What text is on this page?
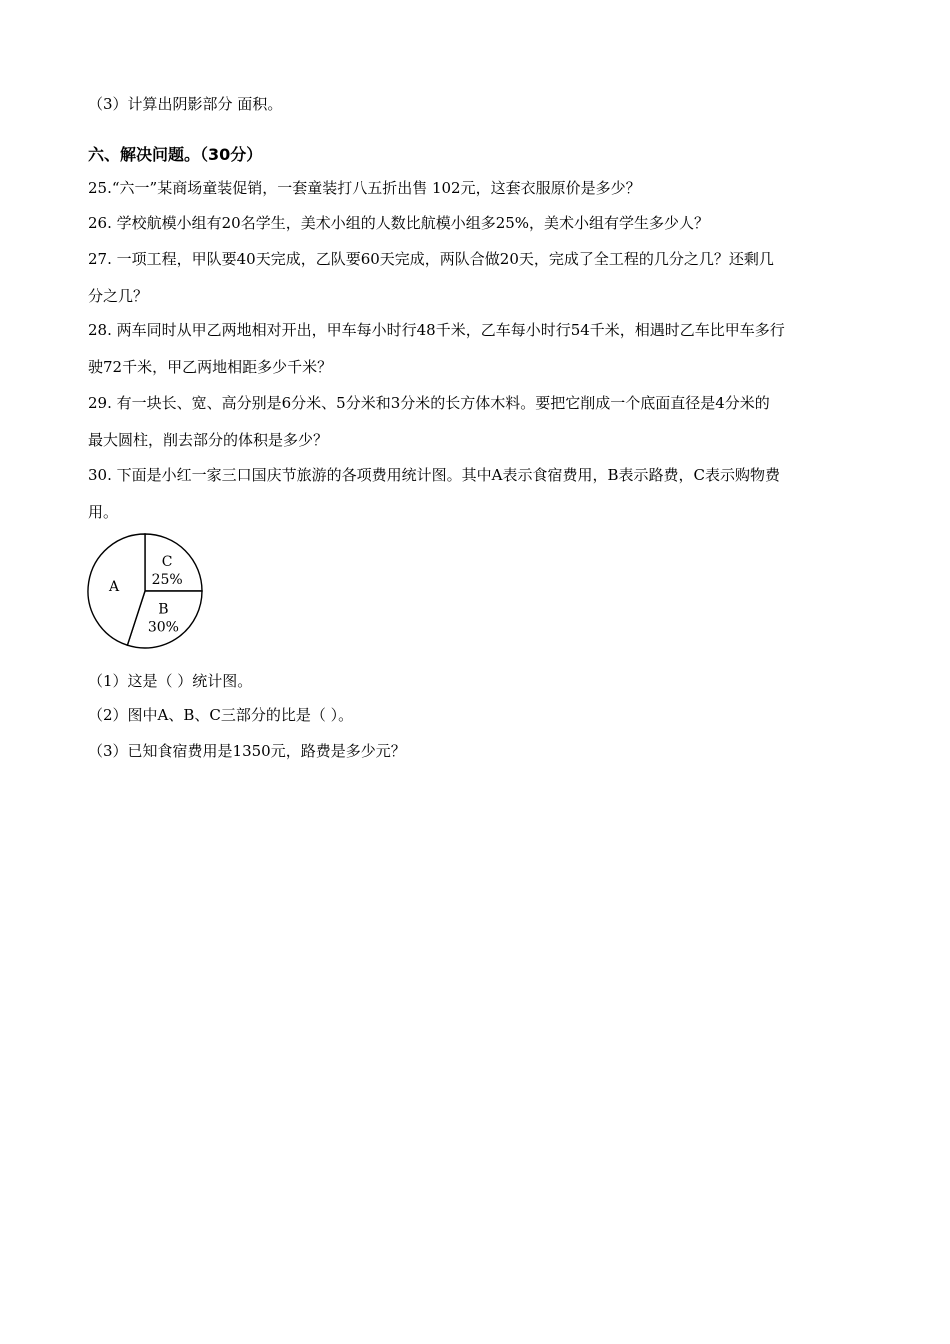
（3）计算出阴影部分 面积。
六、解决问题。（30分）
25.“六一”某商场童装促销，一套童装打八五折出售 102元，这套衣服原价是多少？
26. 学校航模小组有20名学生，美术小组的人数比航模小组多25%，美术小组有学生多少人？
27. 一项工程，甲队要40天完成，乙队要60天完成，两队合做20天，完成了全工程的几分之几？还剩几
分之几？
28. 两车同时从甲乙两地相对开出，甲车每小时行48千米，乙车每小时行54千米，相遇时乙车比甲车多行
驶72千米，甲乙两地相距多少千米？
29. 有一块长、宽、高分别是6分米、5分米和3分米的长方体木料。要把它削成一个底面直径是4分米的
最大圆柱，削去部分的体积是多少？
30. 下面是小红一家三口国庆节旅游的各项费用统计图。其中A表示食宿费用，B表示路费，C表示购物费
用。
C
25%
B
30%
A
（1）这是（ ）统计图。
（2）图中A、B、C三部分的比是（ ）。
（3）已知食宿费用是1350元，路费是多少元？
